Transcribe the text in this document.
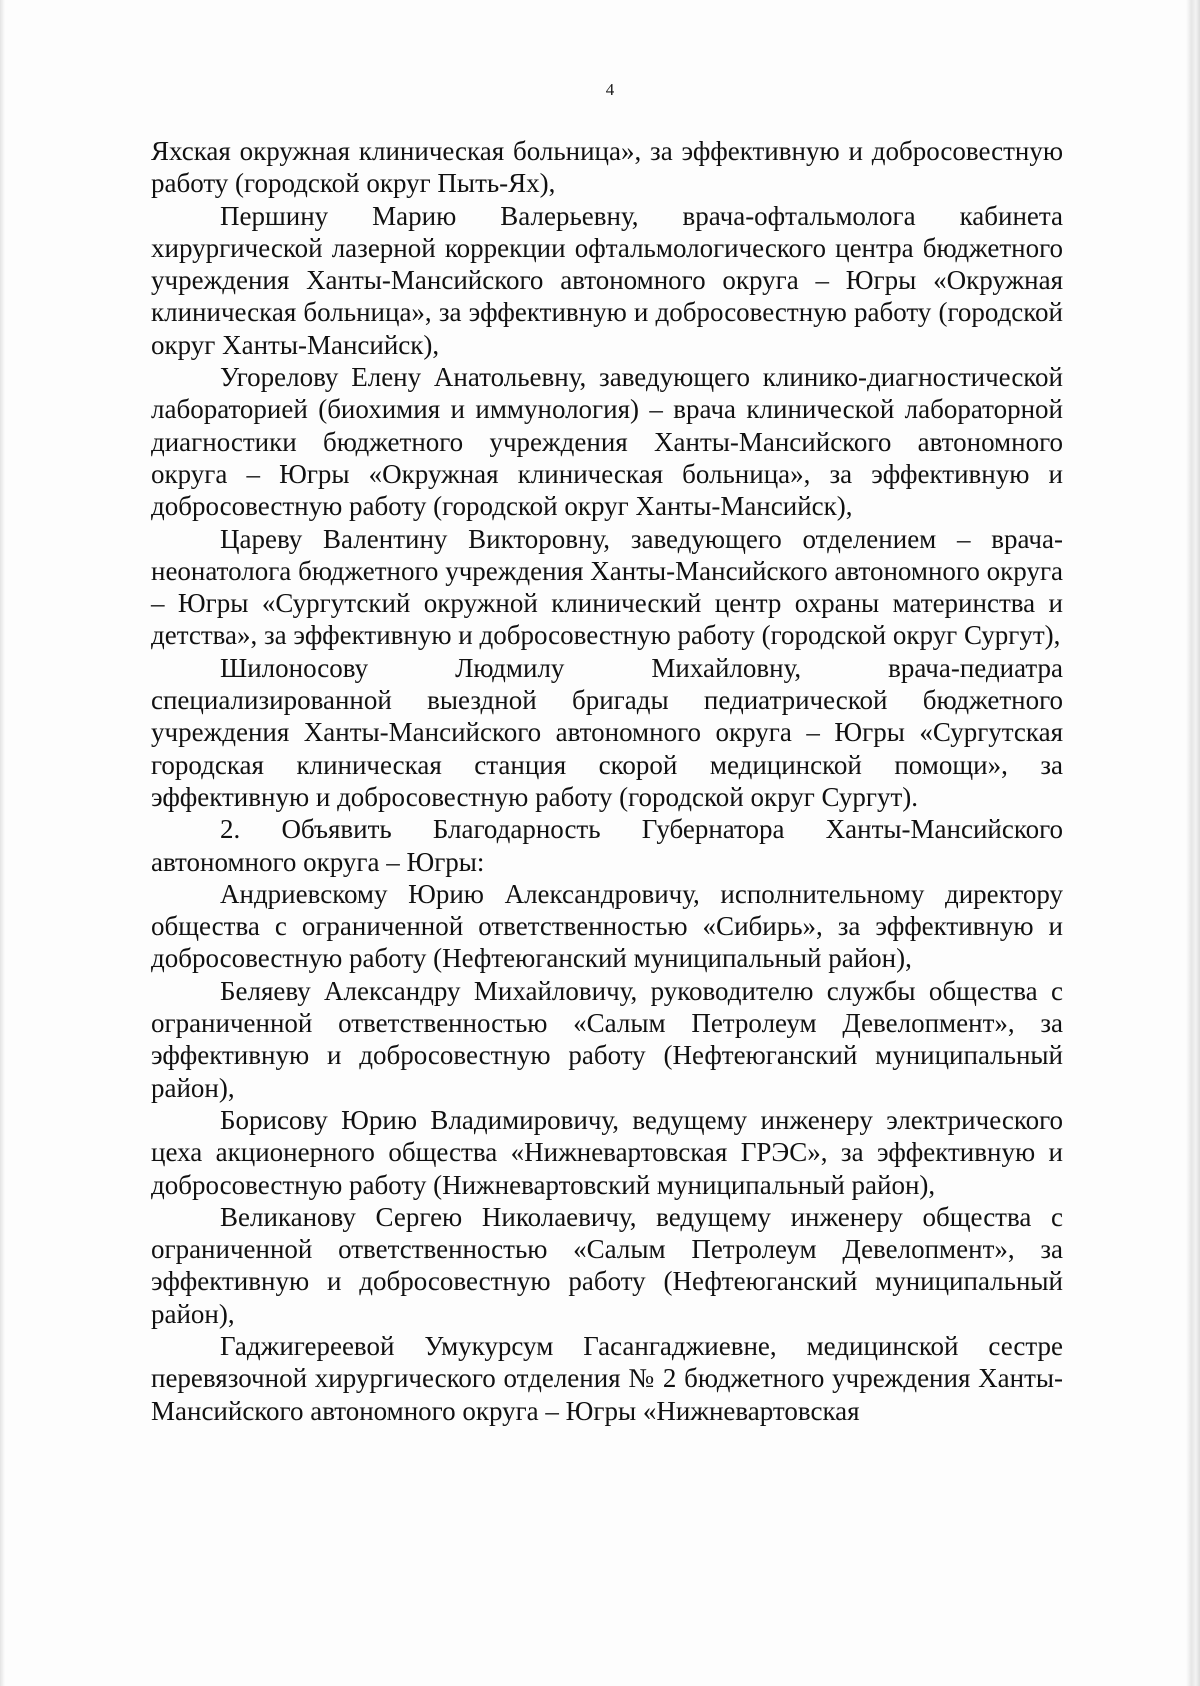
4

Яхская окружная клиническая больница», за эффективную и добросовестную работу (городской округ Пыть-Ях),

Першину Марию Валерьевну, врача-офтальмолога кабинета хирургической лазерной коррекции офтальмологического центра бюджетного учреждения Ханты-Мансийского автономного округа – Югры «Окружная клиническая больница», за эффективную и добросовестную работу (городской округ Ханты-Мансийск),

Угорелову Елену Анатольевну, заведующего клинико-диагностической лабораторией (биохимия и иммунология) – врача клинической лабораторной диагностики бюджетного учреждения Ханты-Мансийского автономного округа – Югры «Окружная клиническая больница», за эффективную и добросовестную работу (городской округ Ханты-Мансийск),

Цареву Валентину Викторовну, заведующего отделением – врача-неонатолога бюджетного учреждения Ханты-Мансийского автономного округа – Югры «Сургутский окружной клинический центр охраны материнства и детства», за эффективную и добросовестную работу (городской округ Сургут),

Шилоносову Людмилу Михайловну, врача-педиатра специализированной выездной бригады педиатрической бюджетного учреждения Ханты-Мансийского автономного округа – Югры «Сургутская городская клиническая станция скорой медицинской помощи», за эффективную и добросовестную работу (городской округ Сургут).

2. Объявить Благодарность Губернатора Ханты-Мансийского автономного округа – Югры:

Андриевскому Юрию Александровичу, исполнительному директору общества с ограниченной ответственностью «Сибирь», за эффективную и добросовестную работу (Нефтеюганский муниципальный район),

Беляеву Александру Михайловичу, руководителю службы общества с ограниченной ответственностью «Салым Петролеум Девелопмент», за эффективную и добросовестную работу (Нефтеюганский муниципальный район),

Борисову Юрию Владимировичу, ведущему инженеру электрического цеха акционерного общества «Нижневартовская ГРЭС», за эффективную и добросовестную работу (Нижневартовский муниципальный район),

Великанову Сергею Николаевичу, ведущему инженеру общества с ограниченной ответственностью «Салым Петролеум Девелопмент», за эффективную и добросовестную работу (Нефтеюганский муниципальный район),

Гаджигереевой Умукурсум Гасангаджиевне, медицинской сестре перевязочной хирургического отделения № 2 бюджетного учреждения Ханты-Мансийского автономного округа – Югры «Нижневартовская
